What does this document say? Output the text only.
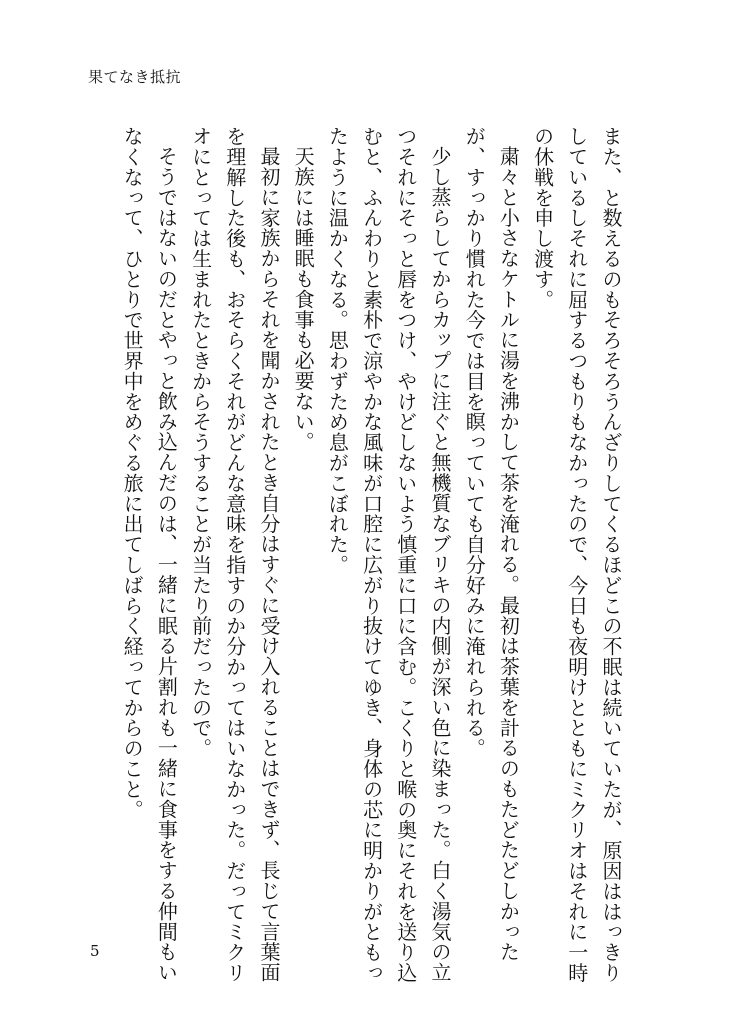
果てなき抵抗

また、と数えるのもそろそろうんざりしてくるほどこの不眠は続いていたが、原因ははっきりしているしそれに屈するつもりもなかったので、今日も夜明けとともにミクリオはそれに一時の休戦を申し渡す。

粛々と小さなケトルに湯を沸かして茶を淹れる。最初は茶葉を計るのもたどたどしかったが、すっかり慣れた今では目を瞑っていても自分好みに淹れられる。

少し蒸らしてからカップに注ぐと無機質なブリキの内側が深い色に染まった。白く湯気の立つそれにそっと唇をつけ、やけどしないよう慎重に口に含む。こくりと喉の奥にそれを送り込むと、ふんわりと素朴で涼やかな風味が口腔に広がり抜けてゆき、身体の芯に明かりがともったように温かくなる。思わずため息がこぼれた。

天族には睡眠も食事も必要ない。

最初に家族からそれを聞かされたとき自分はすぐに受け入れることはできず、長じて言葉面を理解した後も、おそらくそれがどんな意味を指すのか分かってはいなかった。だってミクリオにとっては生まれたときからそうすることが当たり前だったので。

そうではないのだとやっと飲み込んだのは、一緒に眠る片割れも一緒に食事をする仲間もいなくなって、ひとりで世界中をめぐる旅に出てしばらく経ってからのこと。

5
